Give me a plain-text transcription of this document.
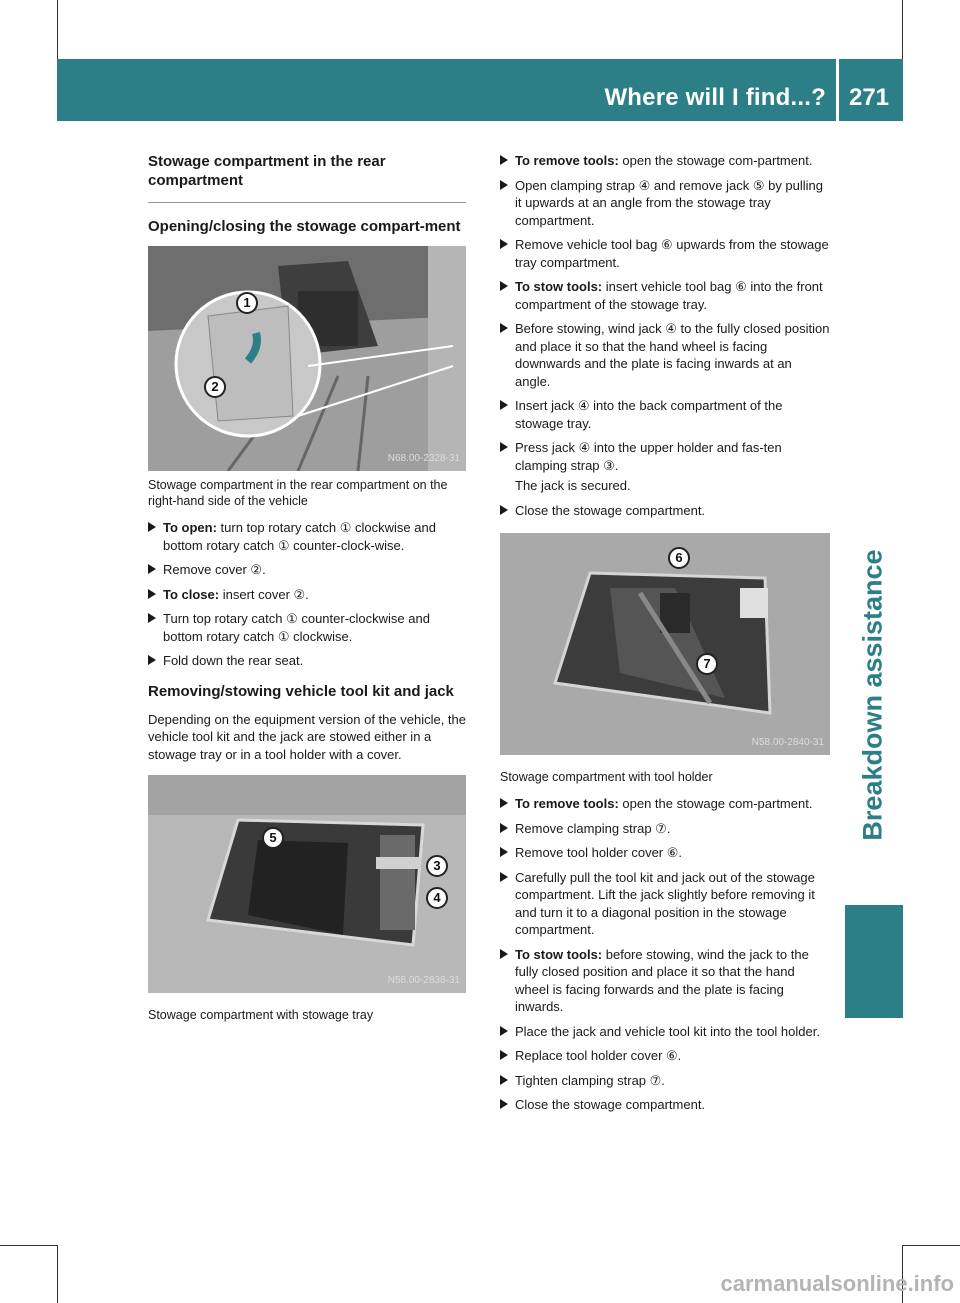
Where will I find...? 271
Breakdown assistance
Stowage compartment in the rear compartment
Opening/closing the stowage compart-ment
1
2
N68.00-2328-31
Stowage compartment in the rear compartment on the right-hand side of the vehicle
To open: turn top rotary catch ① clockwise and bottom rotary catch ① counter-clock-wise.
Remove cover ②.
To close: insert cover ②.
Turn top rotary catch ① counter-clockwise and bottom rotary catch ① clockwise.
Fold down the rear seat.
Removing/stowing vehicle tool kit and jack
Depending on the equipment version of the vehicle, the vehicle tool kit and the jack are stowed either in a stowage tray or in a tool holder with a cover.
5
3
4
N58.00-2838-31
Stowage compartment with stowage tray
To remove tools: open the stowage com-partment.
Open clamping strap ④ and remove jack ⑤ by pulling it upwards at an angle from the stowage tray compartment.
Remove vehicle tool bag ⑥ upwards from the stowage tray compartment.
To stow tools: insert vehicle tool bag ⑥ into the front compartment of the stowage tray.
Before stowing, wind jack ④ to the fully closed position and place it so that the hand wheel is facing downwards and the plate is facing inwards at an angle.
Insert jack ④ into the back compartment of the stowage tray.
Press jack ④ into the upper holder and fas-ten clamping strap ③.
The jack is secured.
Close the stowage compartment.
6
7
N58.00-2840-31
Stowage compartment with tool holder
To remove tools: open the stowage com-partment.
Remove clamping strap ⑦.
Remove tool holder cover ⑥.
Carefully pull the tool kit and jack out of the stowage compartment. Lift the jack slightly before removing it and turn it to a diagonal position in the stowage compartment.
To stow tools: before stowing, wind the jack to the fully closed position and place it so that the hand wheel is facing forwards and the plate is facing inwards.
Place the jack and vehicle tool kit into the tool holder.
Replace tool holder cover ⑥.
Tighten clamping strap ⑦.
Close the stowage compartment.
carmanualsonline.info
